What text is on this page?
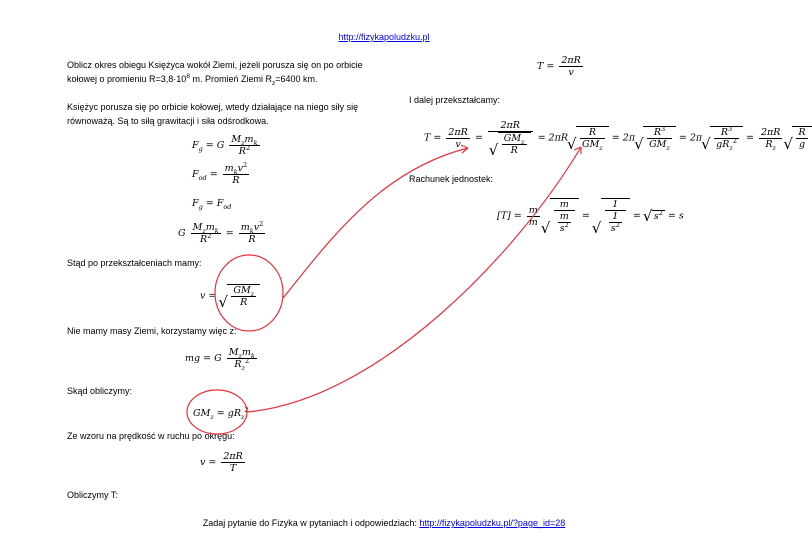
http://fizykapoludzku.pl
Oblicz okres obiegu Księżyca wokół Ziemi, jeżeli porusza się on po orbicie
kołowej o promieniu $R=3,8\cdot 10^8$ m. Promień Ziemi $R_z=6400$ km.
$T = \frac{2\pi R}{v}$
Księżyc porusza się po orbicie kołowej, wtedy działające na niego siły się
równoważą. Są to siłą grawitacji i siła odśrodkowa.
I dalej przekształcamy:
$F_g = G \frac{M_zm_k}{R^2}$	$T = \frac{2\pi R}{v} = 2\pi R$
√ $\frac{GM_z}{R} = 2\pi R$ √ $\frac{R}{GM_z} = 2\pi$ √ $\frac{R^3}{GM_z} = 2\pi$ √ $\frac{R^3}{gR_z^2} = \frac{2\pi R}{R_z}$ √ $\frac{R}{g}$
$F_{od} = \frac{m_kv^2}{R}$	Rachunek jednostek:
$F_g = F_{od}$
$[T] = \frac{m}{m}$ √ $\frac{m}{\frac{m}{s^2}}$ = √ $\frac{1}{\frac{1}{s^2}}$ = √ $s^2 = s$
G $\frac{M_zm_k}{R^2} = \frac{m_kv^2}{R}$
Stąd po przekształceniach mamy:
v = √ $\frac{GM_z}{R}$
Nie mamy masy Ziemi, korzystamy więc z:
mg = G $\frac{M_zm_k}{R_z^2}$
Skąd obliczymy:
$GM_z = gR_z^2$
Ze wzoru na prędkość w ruchu po okręgu:
$v = \frac{2\pi R}{T}$
Obliczymy T:
Zadaj pytanie do Fizyka w pytaniach i odpowiedziach: http://fizykapoludzku.pl/?page_id=28
